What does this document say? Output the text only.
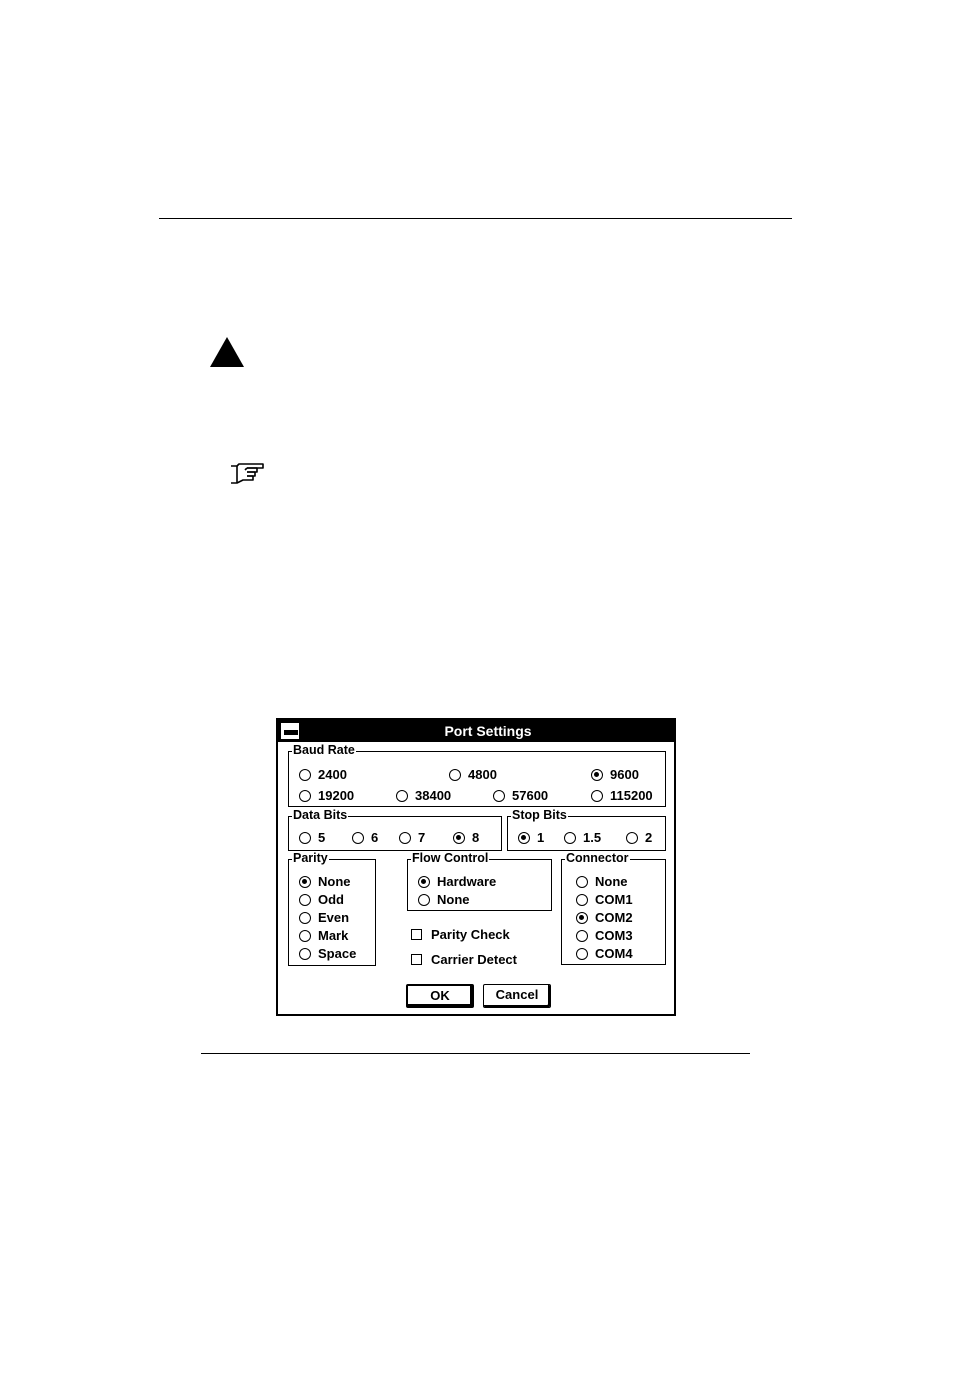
Port Settings
Baud Rate
2400	4800	9600
19200	38400	57600	115200
Data Bits
5	6	7	8
Stop Bits
1	1.5	2
Parity
None
Odd
Even
Mark
Space
Flow Control
Hardware
None
Parity Check
Carrier Detect
Connector
None
COM1
COM2
COM3
COM4
OK	Cancel
